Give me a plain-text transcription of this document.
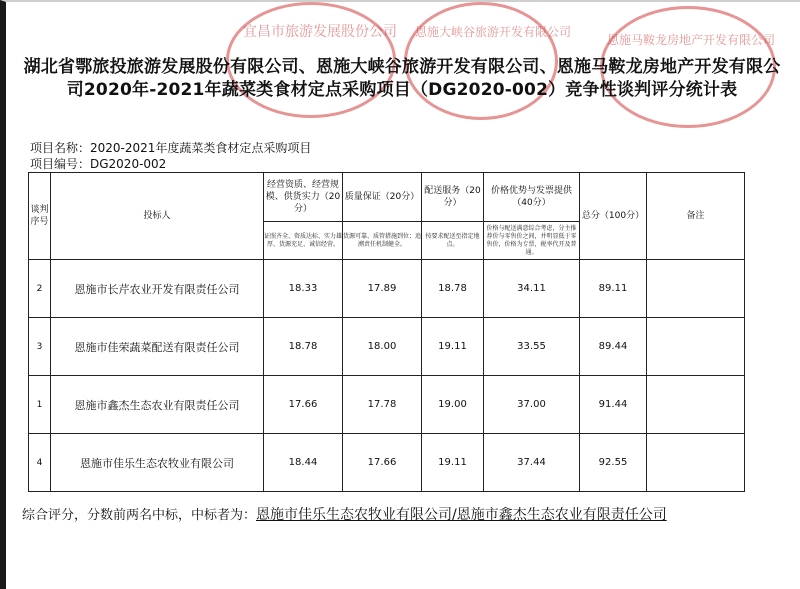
宜昌市旅游发展股份公司 恩施大峡谷旅游开发有限公司
恩施马鞍龙房地产开发有限公司
湖北省鄂旅投旅游发展股份有限公司、恩施大峡谷旅游开发有限公司、恩施马鞍龙房地产开发有限公司2020年-2021年蔬菜类食材定点采购项目（DG2020-002）竞争性谈判评分统计表
项目名称：2020-2021年度蔬菜类食材定点采购项目
项目编号：DG2020-002
谈判序号	投标人	经营资质、经营规模、供货实力（20分）	质量保证（20分）	配送服务（20分）	价格优势与发票提供（40分）	总分（100分）	备注
		证照齐全、资质达标、实力雄厚、货源充足、诚信经营。	货源可靠、质管措施到位；追溯责任机制健全。	按要求配送至指定地点。	价格与配送满意综合考虑，分主推荐价与零售价之间，并明显低于零售价，价格为专票，税率代开及普通。		
2	恩施市长芹农业开发有限责任公司	18.33	17.89	18.78	34.11	89.11	
3	恩施市佳荣蔬菜配送有限责任公司	18.78	18.00	19.11	33.55	89.44	
1	恩施市鑫杰生态农业有限责任公司	17.66	17.78	19.00	37.00	91.44	
4	恩施市佳乐生态农牧业有限公司	18.44	17.66	19.11	37.44	92.55	
综合评分，分数前两名中标，中标者为：恩施市佳乐生态农牧业有限公司/恩施市鑫杰生态农业有限责任公司
